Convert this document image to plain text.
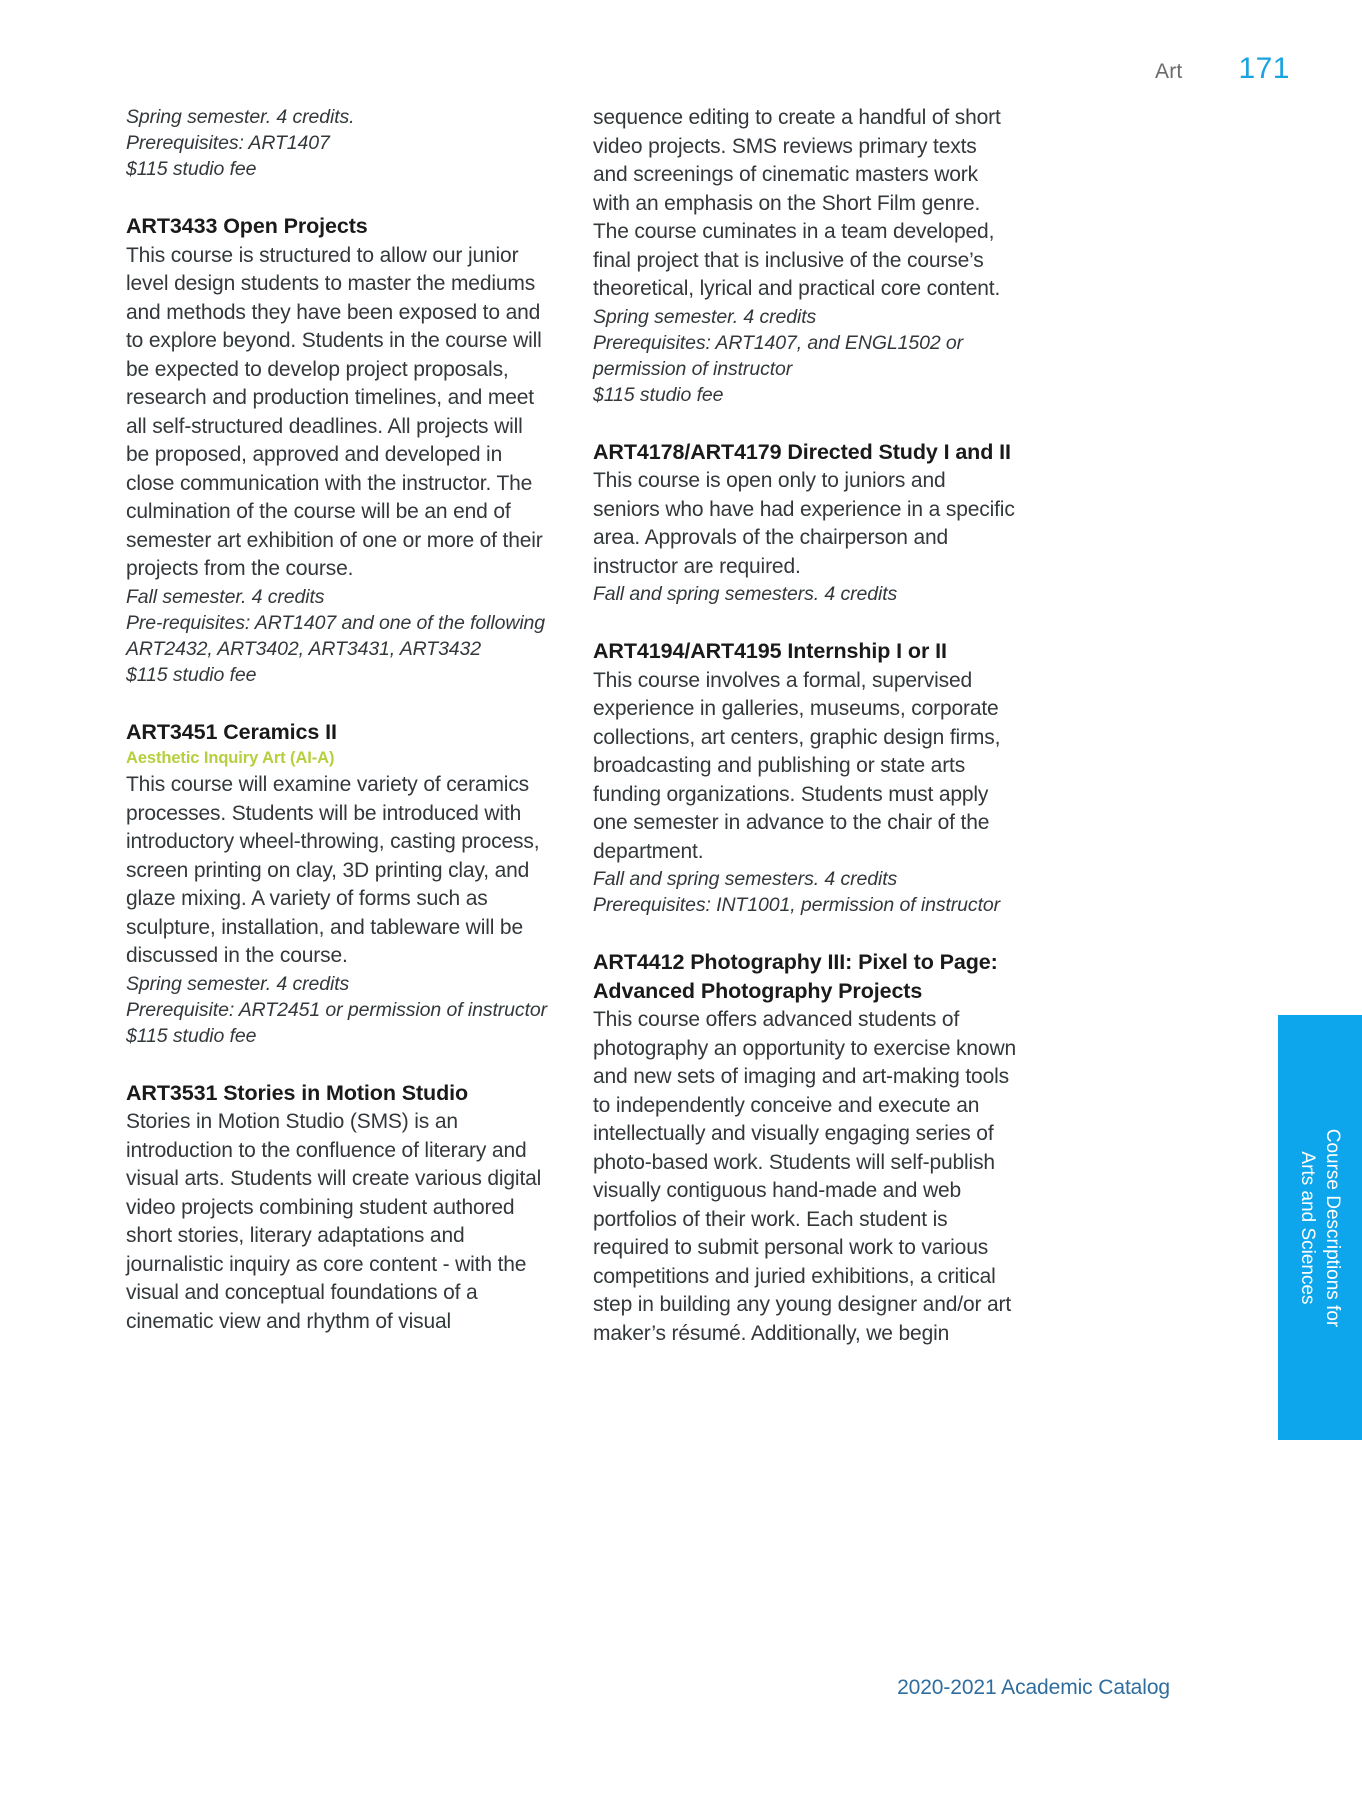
Art 171

Spring semester. 4 credits.

Prerequisites: ART1407

$115 studio fee

ART3433 Open Projects

This course is structured to allow our junior level design students to master the mediums and methods they have been exposed to and to explore beyond. Students in the course will be expected to develop project proposals, research and production timelines, and meet all self-structured deadlines. All projects will be proposed, approved and developed in close communication with the instructor. The culmination of the course will be an end of semester art exhibition of one or more of their projects from the course.

Fall semester. 4 credits

Pre-requisites: ART1407 and one of the following ART2432, ART3402, ART3431, ART3432

$115 studio fee

ART3451 Ceramics II

Aesthetic Inquiry Art (AI-A)

This course will examine variety of ceramics processes. Students will be introduced with introductory wheel-throwing, casting process, screen printing on clay, 3D printing clay, and glaze mixing. A variety of forms such as sculpture, installation, and tableware will be discussed in the course.

Spring semester. 4 credits

Prerequisite: ART2451 or permission of instructor

$115 studio fee

ART3531 Stories in Motion Studio

Stories in Motion Studio (SMS) is an introduction to the confluence of literary and visual arts. Students will create various digital video projects combining student authored short stories, literary adaptations and journalistic inquiry as core content - with the visual and conceptual foundations of a cinematic view and rhythm of visual

sequence editing to create a handful of short video projects. SMS reviews primary texts and screenings of cinematic masters work with an emphasis on the Short Film genre. The course cuminates in a team developed, final project that is inclusive of the course’s theoretical, lyrical and practical core content.

Spring semester. 4 credits

Prerequisites: ART1407, and ENGL1502 or permission of instructor

$115 studio fee

ART4178/ART4179 Directed Study I and II

This course is open only to juniors and seniors who have had experience in a specific area. Approvals of the chairperson and instructor are required.

Fall and spring semesters. 4 credits

ART4194/ART4195 Internship I or II

This course involves a formal, supervised experience in galleries, museums, corporate collections, art centers, graphic design firms, broadcasting and publishing or state arts funding organizations. Students must apply one semester in advance to the chair of the department.

Fall and spring semesters. 4 credits

Prerequisites: INT1001, permission of instructor

ART4412 Photography III: Pixel to Page: Advanced Photography Projects

This course offers advanced students of photography an opportunity to exercise known and new sets of imaging and art-making tools to independently conceive and execute an intellectually and visually engaging series of photo-based work. Students will self-publish visually contiguous hand-made and web portfolios of their work. Each student is required to submit personal work to various competitions and juried exhibitions, a critical step in building any young designer and/or art maker’s résumé. Additionally, we begin

Course Descriptions for
Arts and Sciences
2020-2021 Academic Catalog
